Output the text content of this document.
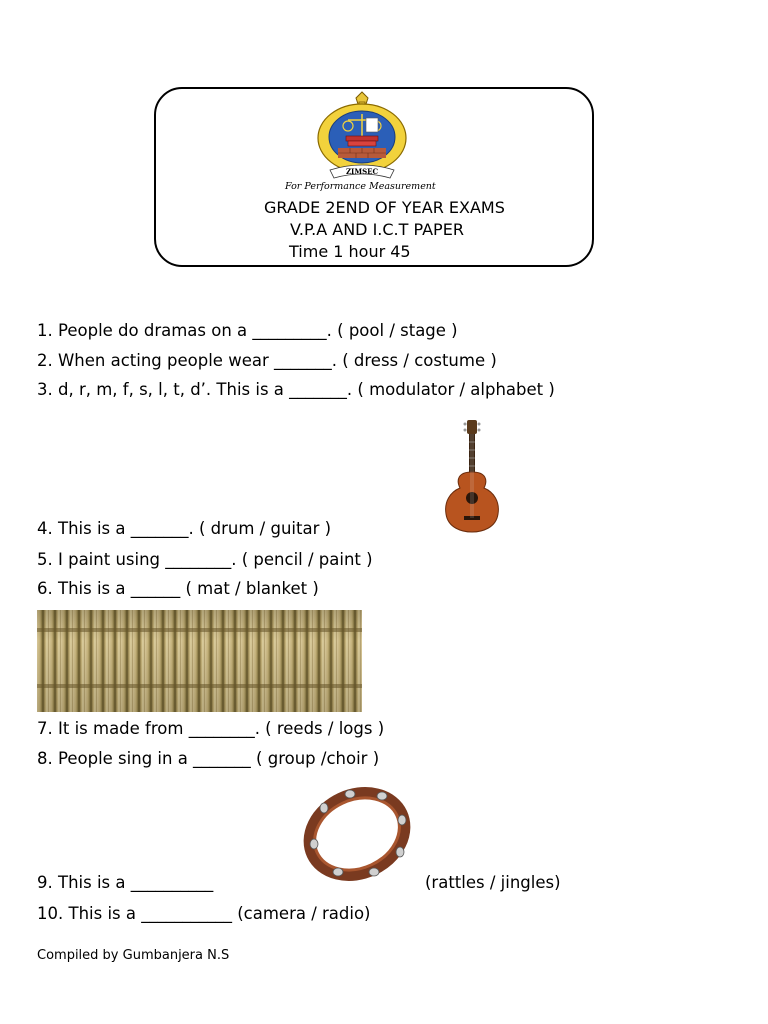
ZIMSEC
For Performance Measurement
GRADE 2END OF YEAR EXAMS
V.P.A AND I.C.T PAPER
Time 1 hour 45
1. People do dramas on a _________. ( pool / stage )
2. When acting people wear _______. ( dress / costume )
3. d, r, m, f, s, l, t, d’. This is a _______. ( modulator / alphabet )
4. This is a _______. ( drum / guitar )
5. I paint using ________. ( pencil / paint )
6. This is a ______ ( mat / blanket )
7. It is made from ________. ( reeds / logs )
8. People sing in a _______ ( group /choir )
9. This is a __________	(rattles / jingles)
10. This is a ___________ (camera / radio)
Compiled by Gumbanjera N.S
